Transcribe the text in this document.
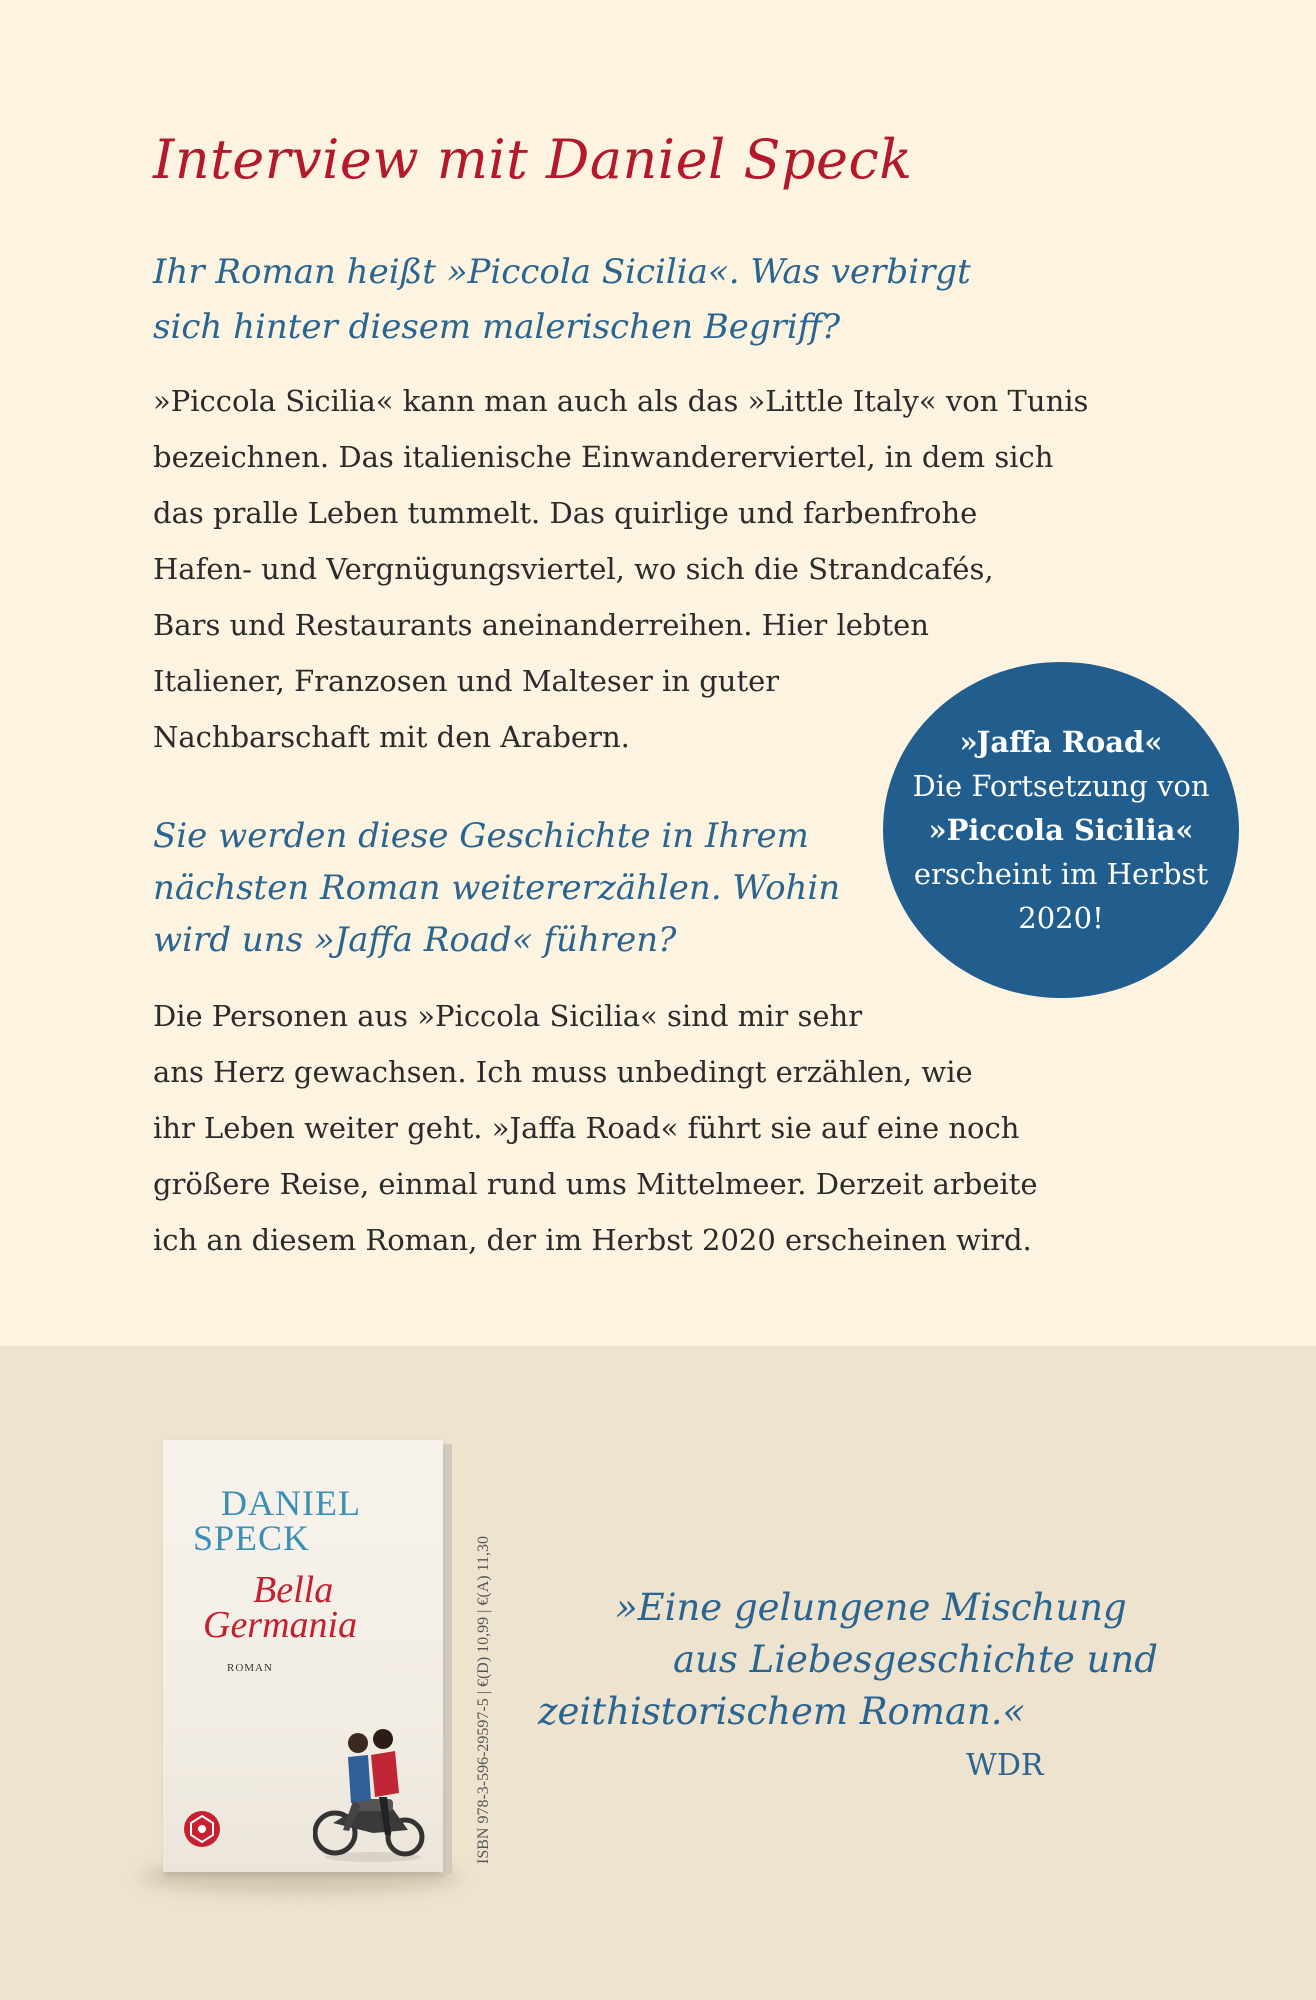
Interview mit Daniel Speck

Ihr Roman heißt »Piccola Sicilia«. Was verbirgt
sich hinter diesem malerischen Begriff?

»Piccola Sicilia« kann man auch als das »Little Italy« von Tunis
bezeichnen. Das italienische Einwandererviertel, in dem sich
das pralle Leben tummelt. Das quirlige und farbenfrohe
Hafen- und Vergnügungsviertel, wo sich die Strandcafés,
Bars und Restaurants aneinanderreihen. Hier lebten
Italiener, Franzosen und Malteser in guter
Nachbarschaft mit den Arabern.	»Jaffa Road«
Die Fortsetzung von
»Piccola Sicilia«
erscheint im Herbst
2020!

Sie werden diese Geschichte in Ihrem
nächsten Roman weitererzählen. Wohin
wird uns »Jaffa Road« führen?

Die Personen aus »Piccola Sicilia« sind mir sehr
ans Herz gewachsen. Ich muss unbedingt erzählen, wie
ihr Leben weiter geht. »Jaffa Road« führt sie auf eine noch
größere Reise, einmal rund ums Mittelmeer. Derzeit arbeite
ich an diesem Roman, der im Herbst 2020 erscheinen wird.

DANIEL
SPECK

Bella
Germania

ROMAN	ISBN 978-3-596-29597-5 | €(D) 10,99 | €(A) 11,30	»Eine gelungene Mischung
aus Liebesgeschichte und
zeithistorischem Roman.«

WDR
